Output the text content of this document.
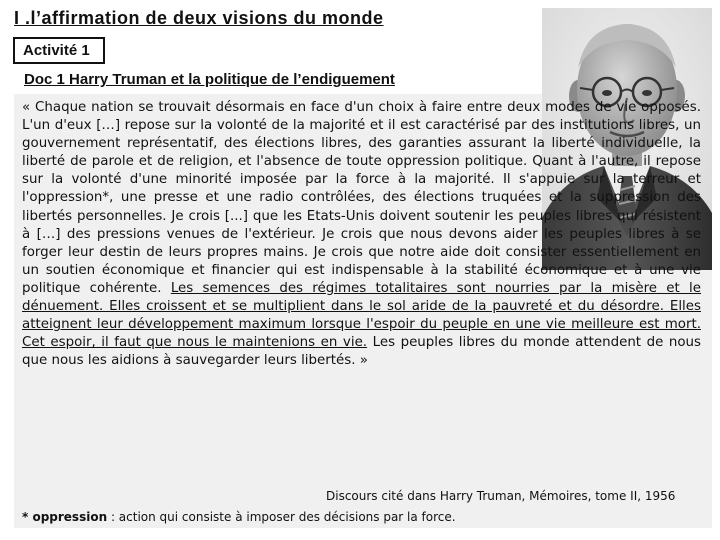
I .l’affirmation de deux visions du monde
Activité 1
Doc 1 Harry Truman et la politique de l’endiguement

« Chaque nation se trouvait désormais en face d'un choix à faire entre deux modes de vie opposés. L'un d'eux […] repose sur la volonté de la majorité et il est caractérisé par des institutions libres, un gouvernement représentatif, des élections libres, des garanties assurant la liberté individuelle, la liberté de parole et de religion, et l'absence de toute oppression politique. Quant à l'autre, il repose sur la volonté d'une minorité imposée par la force à la majorité. Il s'appuie sur la terreur et l'oppression*, une presse et une radio contrôlées, des élections truquées et la suppression des libertés personnelles. Je crois [...] que les Etats-Unis doivent soutenir les peuples libres qui résistent à […] des pressions venues de l'extérieur. Je crois que nous devons aider les peuples libres à se forger leur destin de leurs propres mains. Je crois que notre aide doit consister essentiellement en un soutien économique et financier qui est indispensable à la stabilité économique et à une vie politique cohérente. Les semences des régimes totalitaires sont nourries par la misère et le dénuement. Elles croissent et se multiplient dans le sol aride de la pauvreté et du désordre. Elles atteignent leur développement maximum lorsque l'espoir du peuple en une vie meilleure est mort. Cet espoir, il faut que nous le maintenions en vie. Les peuples libres du monde attendent de nous que nous les aidions à sauvegarder leurs libertés. »

Discours cité dans Harry Truman, Mémoires, tome II, 1956
* oppression : action qui consiste à imposer des décisions par la force.
